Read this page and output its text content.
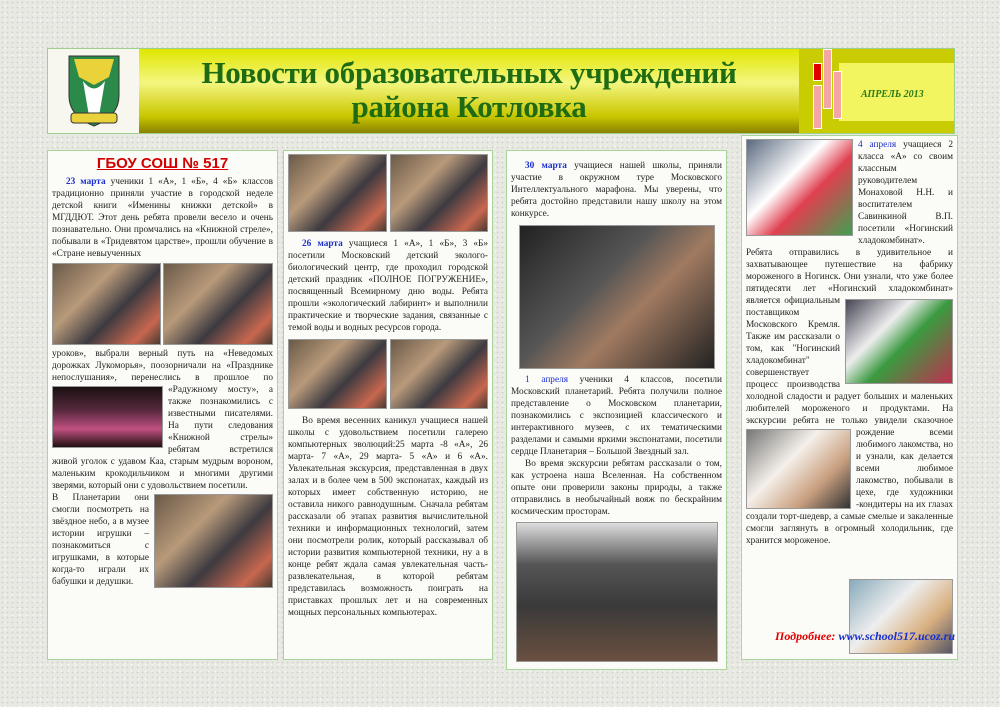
Новости образовательных учреждений
района Котловка	АПРЕЛЬ 2013
ГБОУ СОШ № 517

23 марта ученики 1 «А», 1 «Б», 4 «Б» классов традиционно приняли участие в городской неделе детской книги «Именины книжки детской» в МГДДЮТ. Этот день ребята провели весело и очень познавательно. Они промчались на «Книжной стреле», побывали в «Тридевятом царстве», прошли обучение в «Стране невыученных

уроков», выбрали верный путь на «Неведомых дорожках Лукоморья», поозорничали на «Празднике непослушания», перенеслись в прошлое по «Радужному мосту», а также познакомились с известными писателями. На пути следования «Книжной стрелы» ребятам встретился живой уголок с удавом Каа, старым мудрым вороном, маленьким крокодильчиком и многими другими зверями, который они с удовольствием посетили.

В Планетарии они смогли посмотреть на звёздное небо, а в музее истории игрушки – познакомиться с игрушками, в которые когда-то играли их бабушки и дедушки.

26 марта учащиеся 1 «А», 1 «Б», 3 «Б» посетили Московский детский эколого-биологический центр, где проходил городской детский праздник «ПОЛНОЕ ПОГРУЖЕНИЕ», посвященный Всемирному дню воды. Ребята прошли «экологический лабиринт» и выполнили практические и творческие задания, связанные с темой воды и водных ресурсов города.

Во время весенних каникул учащиеся нашей школы с удовольствием посетили галерею компьютерных эволюций:25 марта -8 «А», 26 марта- 7 «А», 29 марта- 5 «А» и 6 «А». Увлекательная экскурсия, представленная в двух залах и в более чем в 500 экспонатах, каждый из которых имеет собственную историю, не оставила никого равнодушным. Сначала ребятам рассказали об этапах развития вычислительной техники и информационных технологий, затем они посмотрели ролик, который рассказывал об истории развития компьютерной техники, ну а в конце ребят ждала самая увлекательная часть-развлекательная, в которой ребятам представилась возможность поиграть на приставках прошлых лет и на современных мощных персональных компьютерах.

30 марта учащиеся нашей школы, приняли участие в окружном туре Московского Интеллектуального марафона. Мы уверены, что ребята достойно представили нашу школу на этом конкурсе.

1 апреля ученики 4 классов, посетили Московский планетарий. Ребята получили полное представление о Московском планетарии, познакомились с экспозицией классического и интерактивного музеев, с их тематическими разделами и самыми яркими экспонатами, посетили сердце Планетария – Большой Звездный зал.

Во время экскурсии ребятам рассказали о том, как устроена наша Вселенная. На собственном опыте они проверили законы природы, а также отправились в необычайный вояж по бескрайним космическим просторам.

4 апреля учащиеся 2 класса «А» со своим классным руководителем Монаховой Н.Н. и воспитателем Савинкиной В.П. посетили «Ногинский хладокомбинат». Ребята отправились в удивительное и захватывающее путешествие на фабрику мороженого в Ногинск. Они узнали, что уже более пятидесяти лет «Ногинский хладокомбинат» является официальным поставщиком Московского Кремля. Также им рассказали о том, как "Ногинский хладокомбинат" совершенствует процесс производства холодной сладости и радует больших и маленьких любителей мороженого и продуктами. На экскурсии ребята не только увидели сказочное рождение всеми любимого лакомства, но и узнали, как делается всеми любимое лакомство, побывали в цехе, где художники -кондитеры на их глазах создали торт-шедевр, а самые смелые и закаленные смогли заглянуть в огромный холодильник, где хранится мороженое.

Подробнее: www.school517.ucoz.ru
